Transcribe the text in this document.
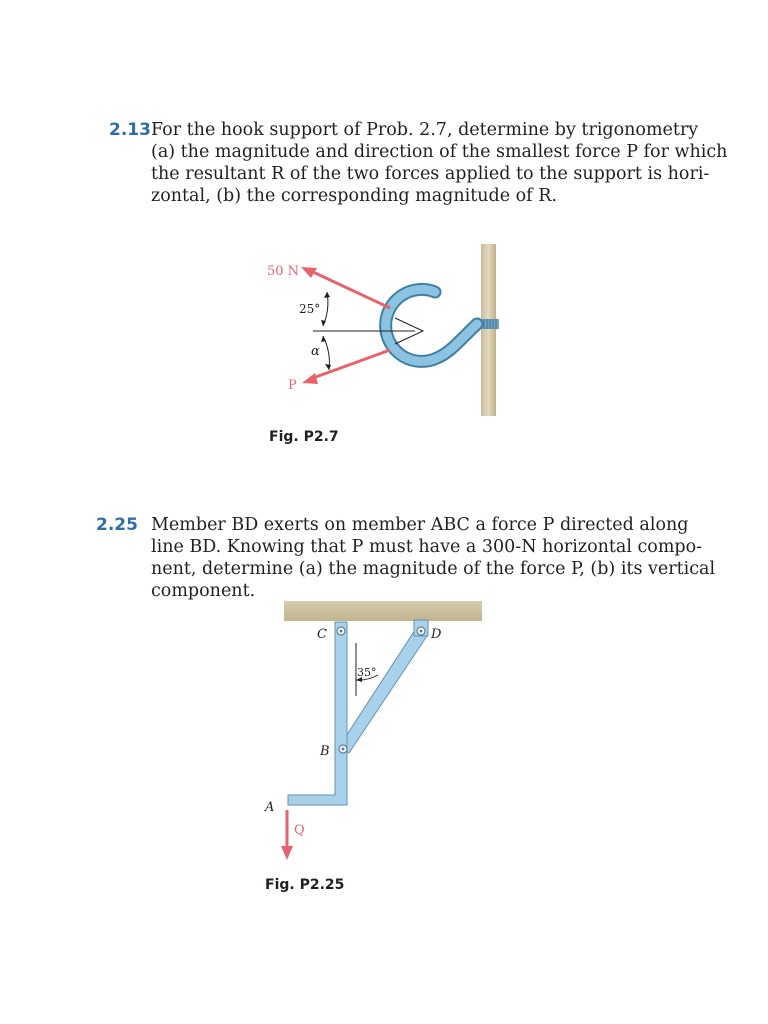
2.13 For the hook support of Prob. 2.7, determine by trigonometry
(a) the magnitude and direction of the smallest force P for which
the resultant R of the two forces applied to the support is hori-
zontal, (b) the corresponding magnitude of R.
50 N
25°
α
P
Fig. P2.7
2.25 Member BD exerts on member ABC a force P directed along
line BD. Knowing that P must have a 300-N horizontal compo-
nent, determine (a) the magnitude of the force P, (b) its vertical
component.
C	D
B
A
Q
35°
Fig. P2.25
